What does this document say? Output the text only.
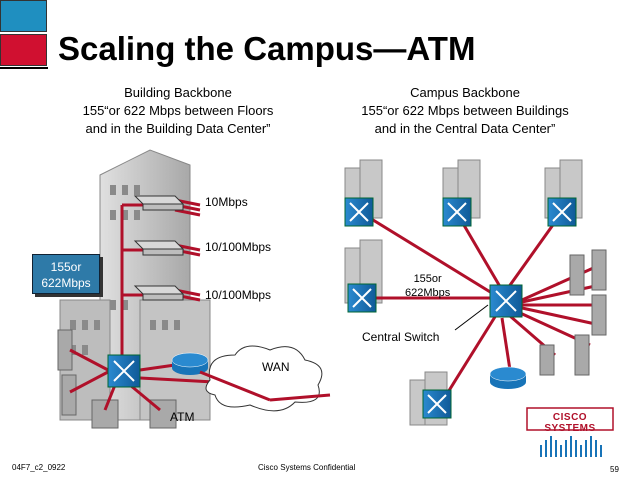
Scaling the Campus—ATM
Building Backbone
155“or 622 Mbps between Floors
and in the Building Data Center”
Campus Backbone
155“or 622 Mbps between Buildings
and in the Central Data Center”
CISCO SYSTEMS
10Mbps
10/100Mbps
10/100Mbps
155or
622Mbps	155or
622Mbps
Central Switch
WAN
ATM
04F7_c2_0922	Cisco Systems Confidential	59
